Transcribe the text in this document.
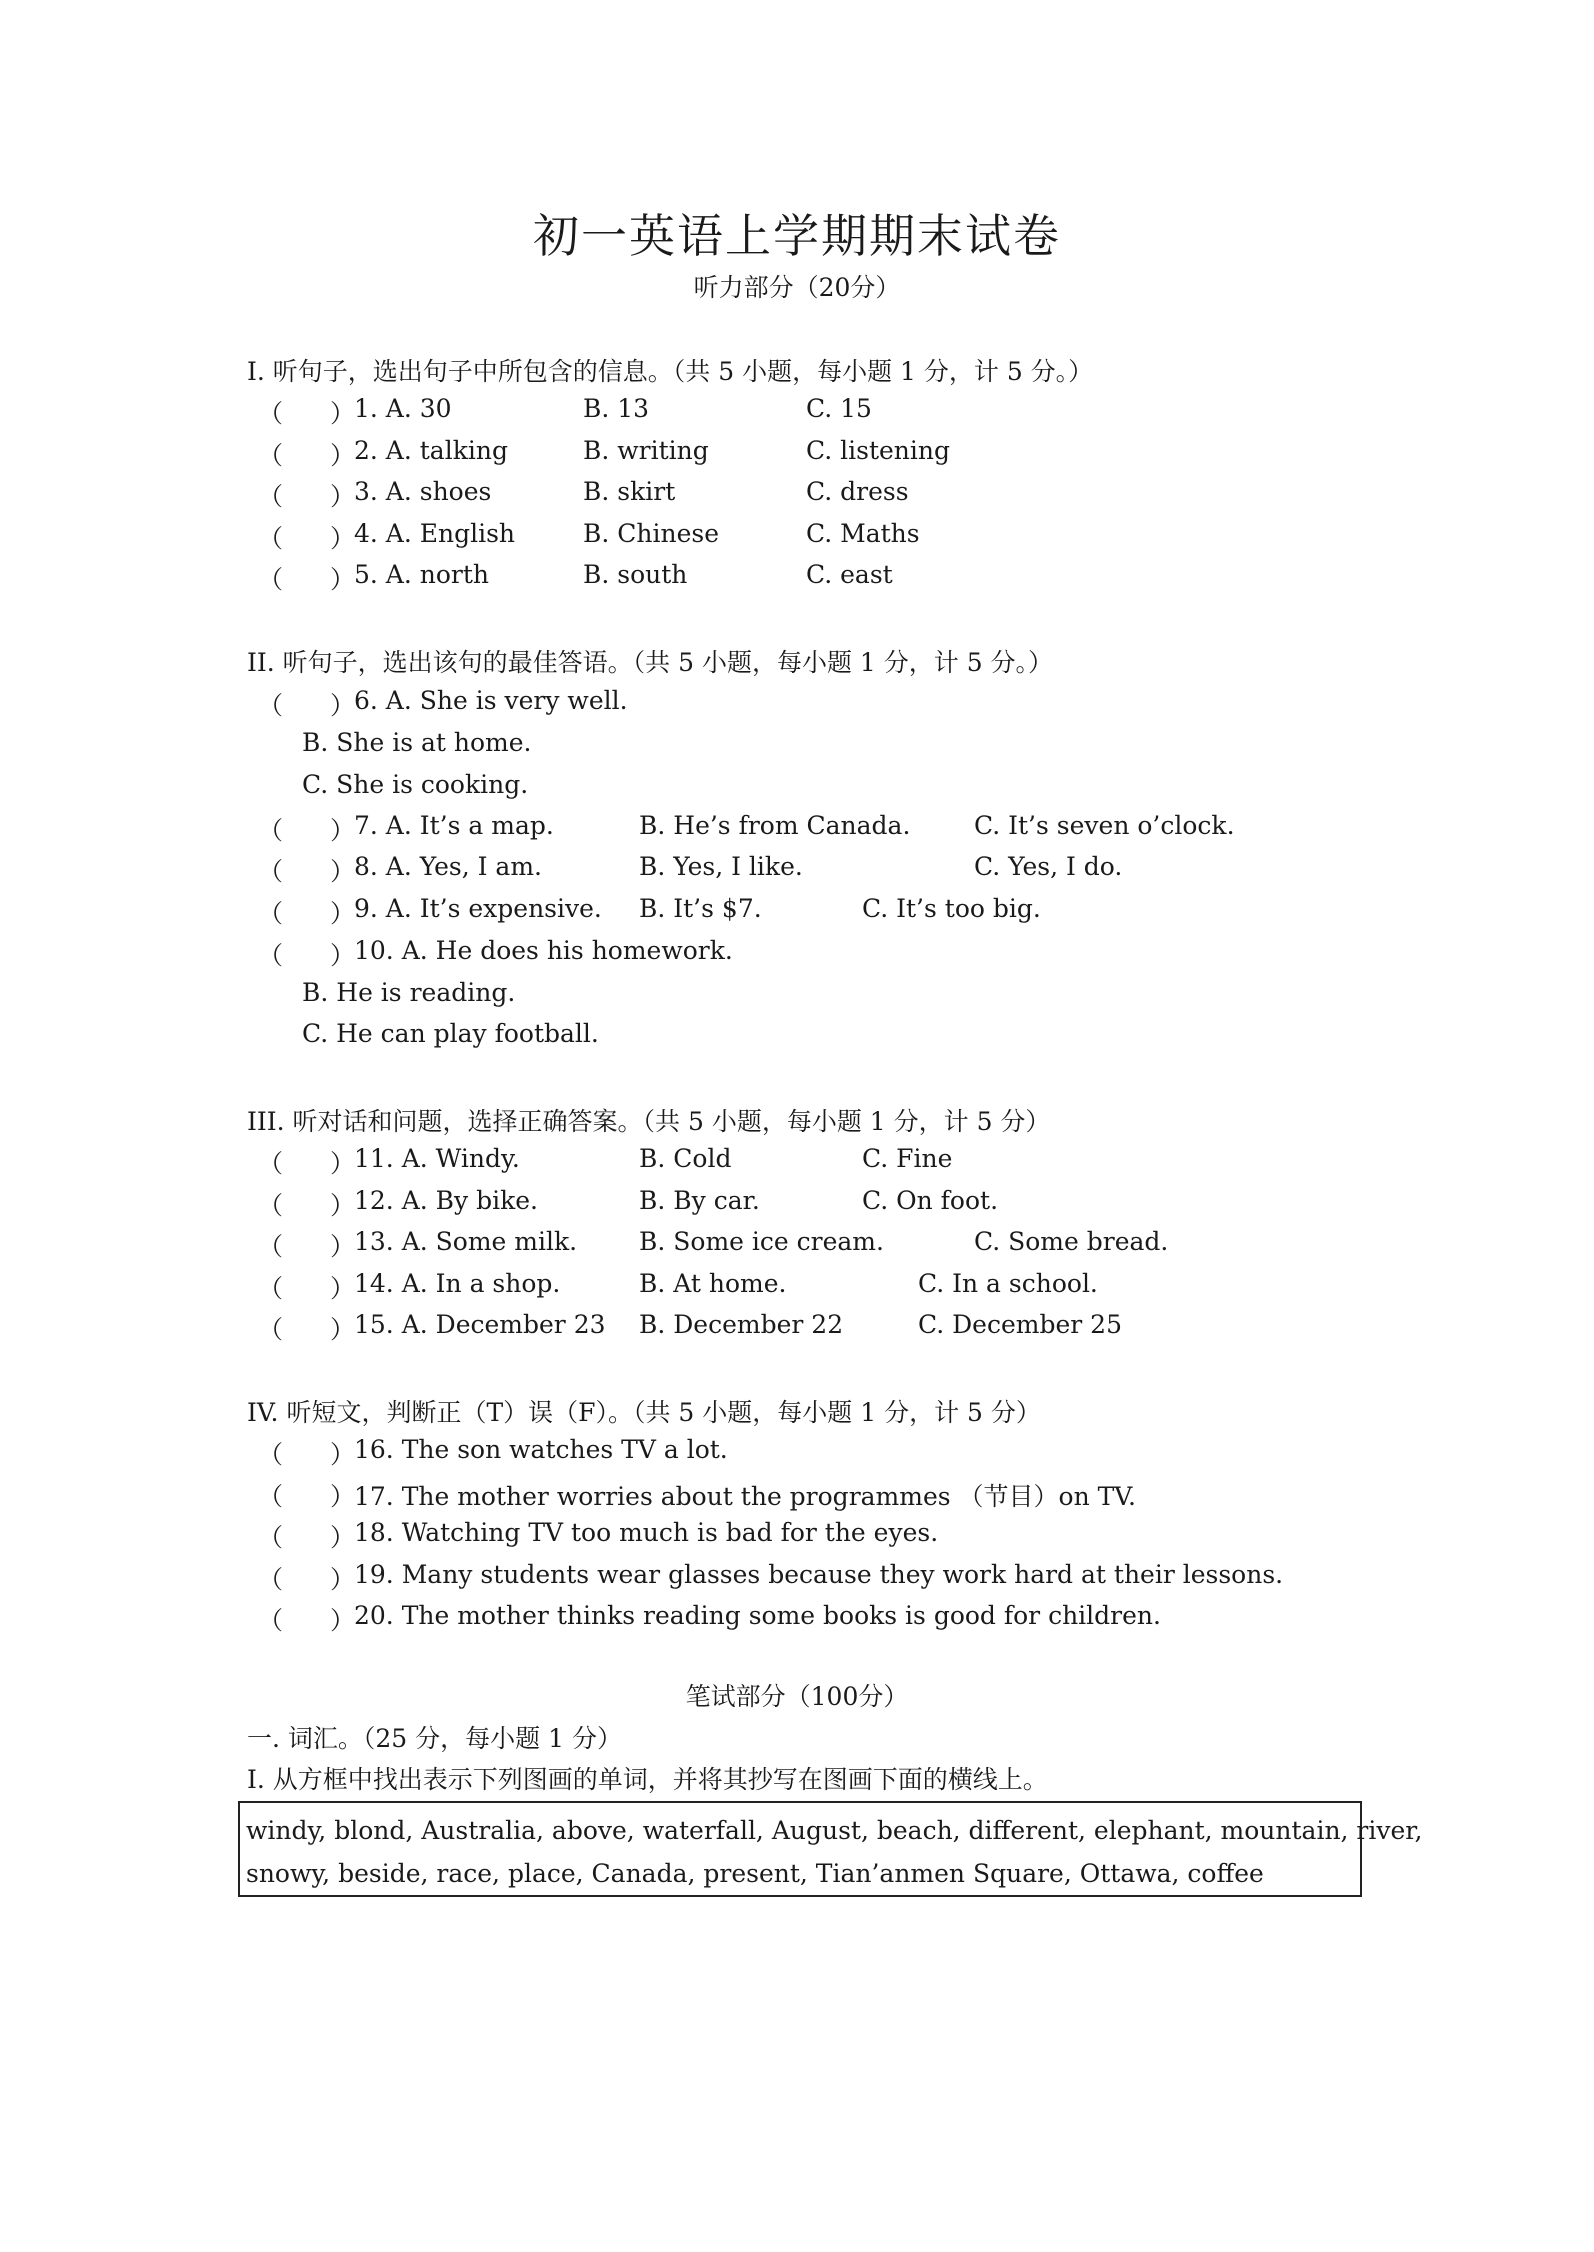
初一英语上学期期末试卷
听力部分（20分）
I. 听句子，选出句子中所包含的信息。（共 5 小题，每小题 1 分，计 5 分。）
（ ）
1. A. 30	B. 13	C. 15
（ ）
2. A. talking	B. writing	C. listening
（ ）
3. A. shoes	B. skirt	C. dress
（ ）
4. A. English	B. Chinese	C. Maths
（ ）
5. A. north	B. south	C. east
II. 听句子，选出该句的最佳答语。（共 5 小题，每小题 1 分，计 5 分。）
（ ）
6. A. She is very well.
B. She is at home.
C. She is cooking.
（ ）
7. A. It’s a map.	B. He’s from Canada.	C. It’s seven o’clock.
（ ）
8. A. Yes, I am.	B. Yes, I like.	C. Yes, I do.
（ ）
9. A. It’s expensive. B. It’s $7.	C. It’s too big.
（ ）
10. A. He does his homework.
B. He is reading.
C. He can play football.
III. 听对话和问题，选择正确答案。（共 5 小题，每小题 1 分，计 5 分）
（ ）
11. A. Windy.	B. Cold	C. Fine
（ ）
12. A. By bike.	B. By car.	C. On foot.
（ ）
13. A. Some milk. B. Some ice cream.	C. Some bread.
（ ）
14. A. In a shop.	B. At home.	C. In a school.
（ ）
15. A. December 23 B. December 22	C. December 25
IV. 听短文，判断正（T）误（F）。（共 5 小题，每小题 1 分，计 5 分）
（ ）
16. The son watches TV a lot.
（ ）
17. The mother worries about the programmes （节目）on TV.
（ ）
18. Watching TV too much is bad for the eyes.
（ ）
19. Many students wear glasses because they work hard at their lessons.
（ ）
20. The mother thinks reading some books is good for children.
笔试部分（100分）
一. 词汇。（25 分，每小题 1 分）
I. 从方框中找出表示下列图画的单词，并将其抄写在图画下面的横线上。
windy, blond, Australia, above, waterfall, August, beach, different, elephant, mountain, river,
snowy, beside, race, place, Canada, present, Tian’anmen Square, Ottawa, coffee
